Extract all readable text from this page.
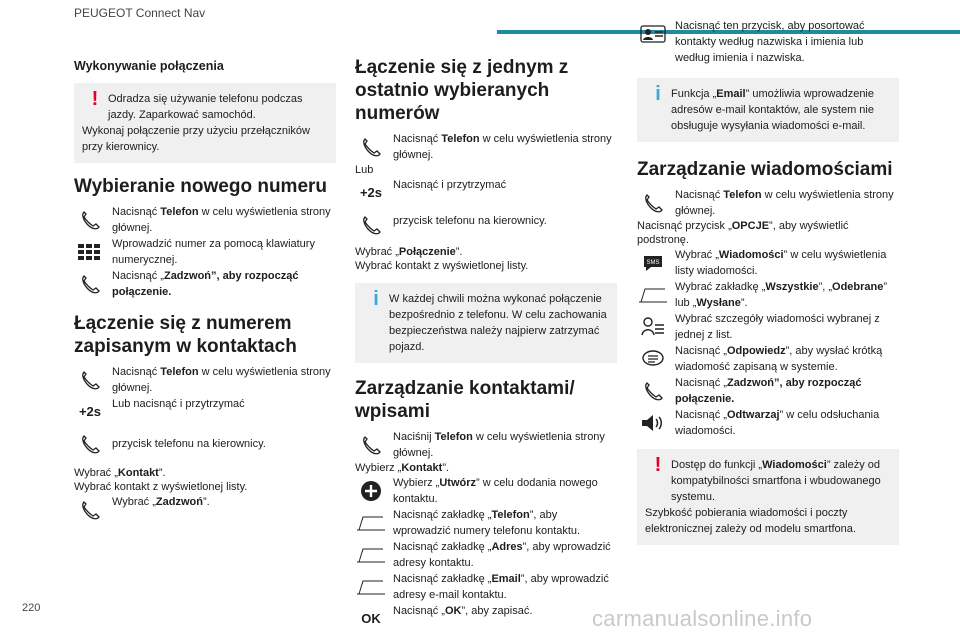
PEUGEOT Connect Nav
Wykonywanie połączenia
! Odradza się używanie telefonu podczas jazdy. Zaparkować samochód.
Wykonaj połączenie przy użyciu przełączników przy kierownicy.
Wybieranie nowego numeru
Nacisnąć Telefon w celu wyświetlenia strony głównej.
Wprowadzić numer za pomocą klawiatury numerycznej.
Nacisnąć „Zadzwoń”, aby rozpocząć połączenie.
Łączenie się z numerem zapisanym w kontaktach
Nacisnąć Telefon w celu wyświetlenia strony głównej.
+2s Lub nacisnąć i przytrzymać
przycisk telefonu na kierownicy.
Wybrać „Kontakt”.
Wybrać kontakt z wyświetlonej listy.
Wybrać „Zadzwoń”.
Łączenie się z jednym z ostatnio wybieranych numerów
Nacisnąć Telefon w celu wyświetlenia strony głównej.
Lub
+2s Nacisnąć i przytrzymać
przycisk telefonu na kierownicy.
Wybrać „Połączenie”.
Wybrać kontakt z wyświetlonej listy.
i W każdej chwili można wykonać połączenie bezpośrednio z telefonu. W celu zachowania bezpieczeństwa należy najpierw zatrzymać pojazd.
Zarządzanie kontaktami/ wpisami
Naciśnij Telefon w celu wyświetlenia strony głównej.
Wybierz „Kontakt”.
Wybierz „Utwórz” w celu dodania nowego kontaktu.
Nacisnąć zakładkę „Telefon”, aby wprowadzić numery telefonu kontaktu.
Nacisnąć zakładkę „Adres”, aby wprowadzić adresy kontaktu.
Nacisnąć zakładkę „Email”, aby wprowadzić adresy e-mail kontaktu.
OK	Nacisnąć „OK”, aby zapisać.
Nacisnąć ten przycisk, aby posortować kontakty według nazwiska i imienia lub według imienia i nazwiska.
i Funkcja „Email” umożliwia wprowadzenie adresów e-mail kontaktów, ale system nie obsługuje wysyłania wiadomości e-mail.
Zarządzanie wiadomościami
Nacisnąć Telefon w celu wyświetlenia strony głównej.
Nacisnąć przycisk „OPCJE”, aby wyświetlić podstronę.
SMS
Wybrać „Wiadomości” w celu wyświetlenia listy wiadomości.
Wybrać zakładkę „Wszystkie”, „Odebrane” lub „Wysłane”.
Wybrać szczegóły wiadomości wybranej z jednej z list.
Nacisnąć „Odpowiedz”, aby wysłać krótką wiadomość zapisaną w systemie.
Nacisnąć „Zadzwoń”, aby rozpocząć połączenie.
Nacisnąć „Odtwarzaj” w celu odsłuchania wiadomości.
! Dostęp do funkcji „Wiadomości” zależy od kompatybilności smartfona i wbudowanego systemu.
Szybkość pobierania wiadomości i poczty elektronicznej zależy od modelu smartfona.
220	carmanualsonline.info
